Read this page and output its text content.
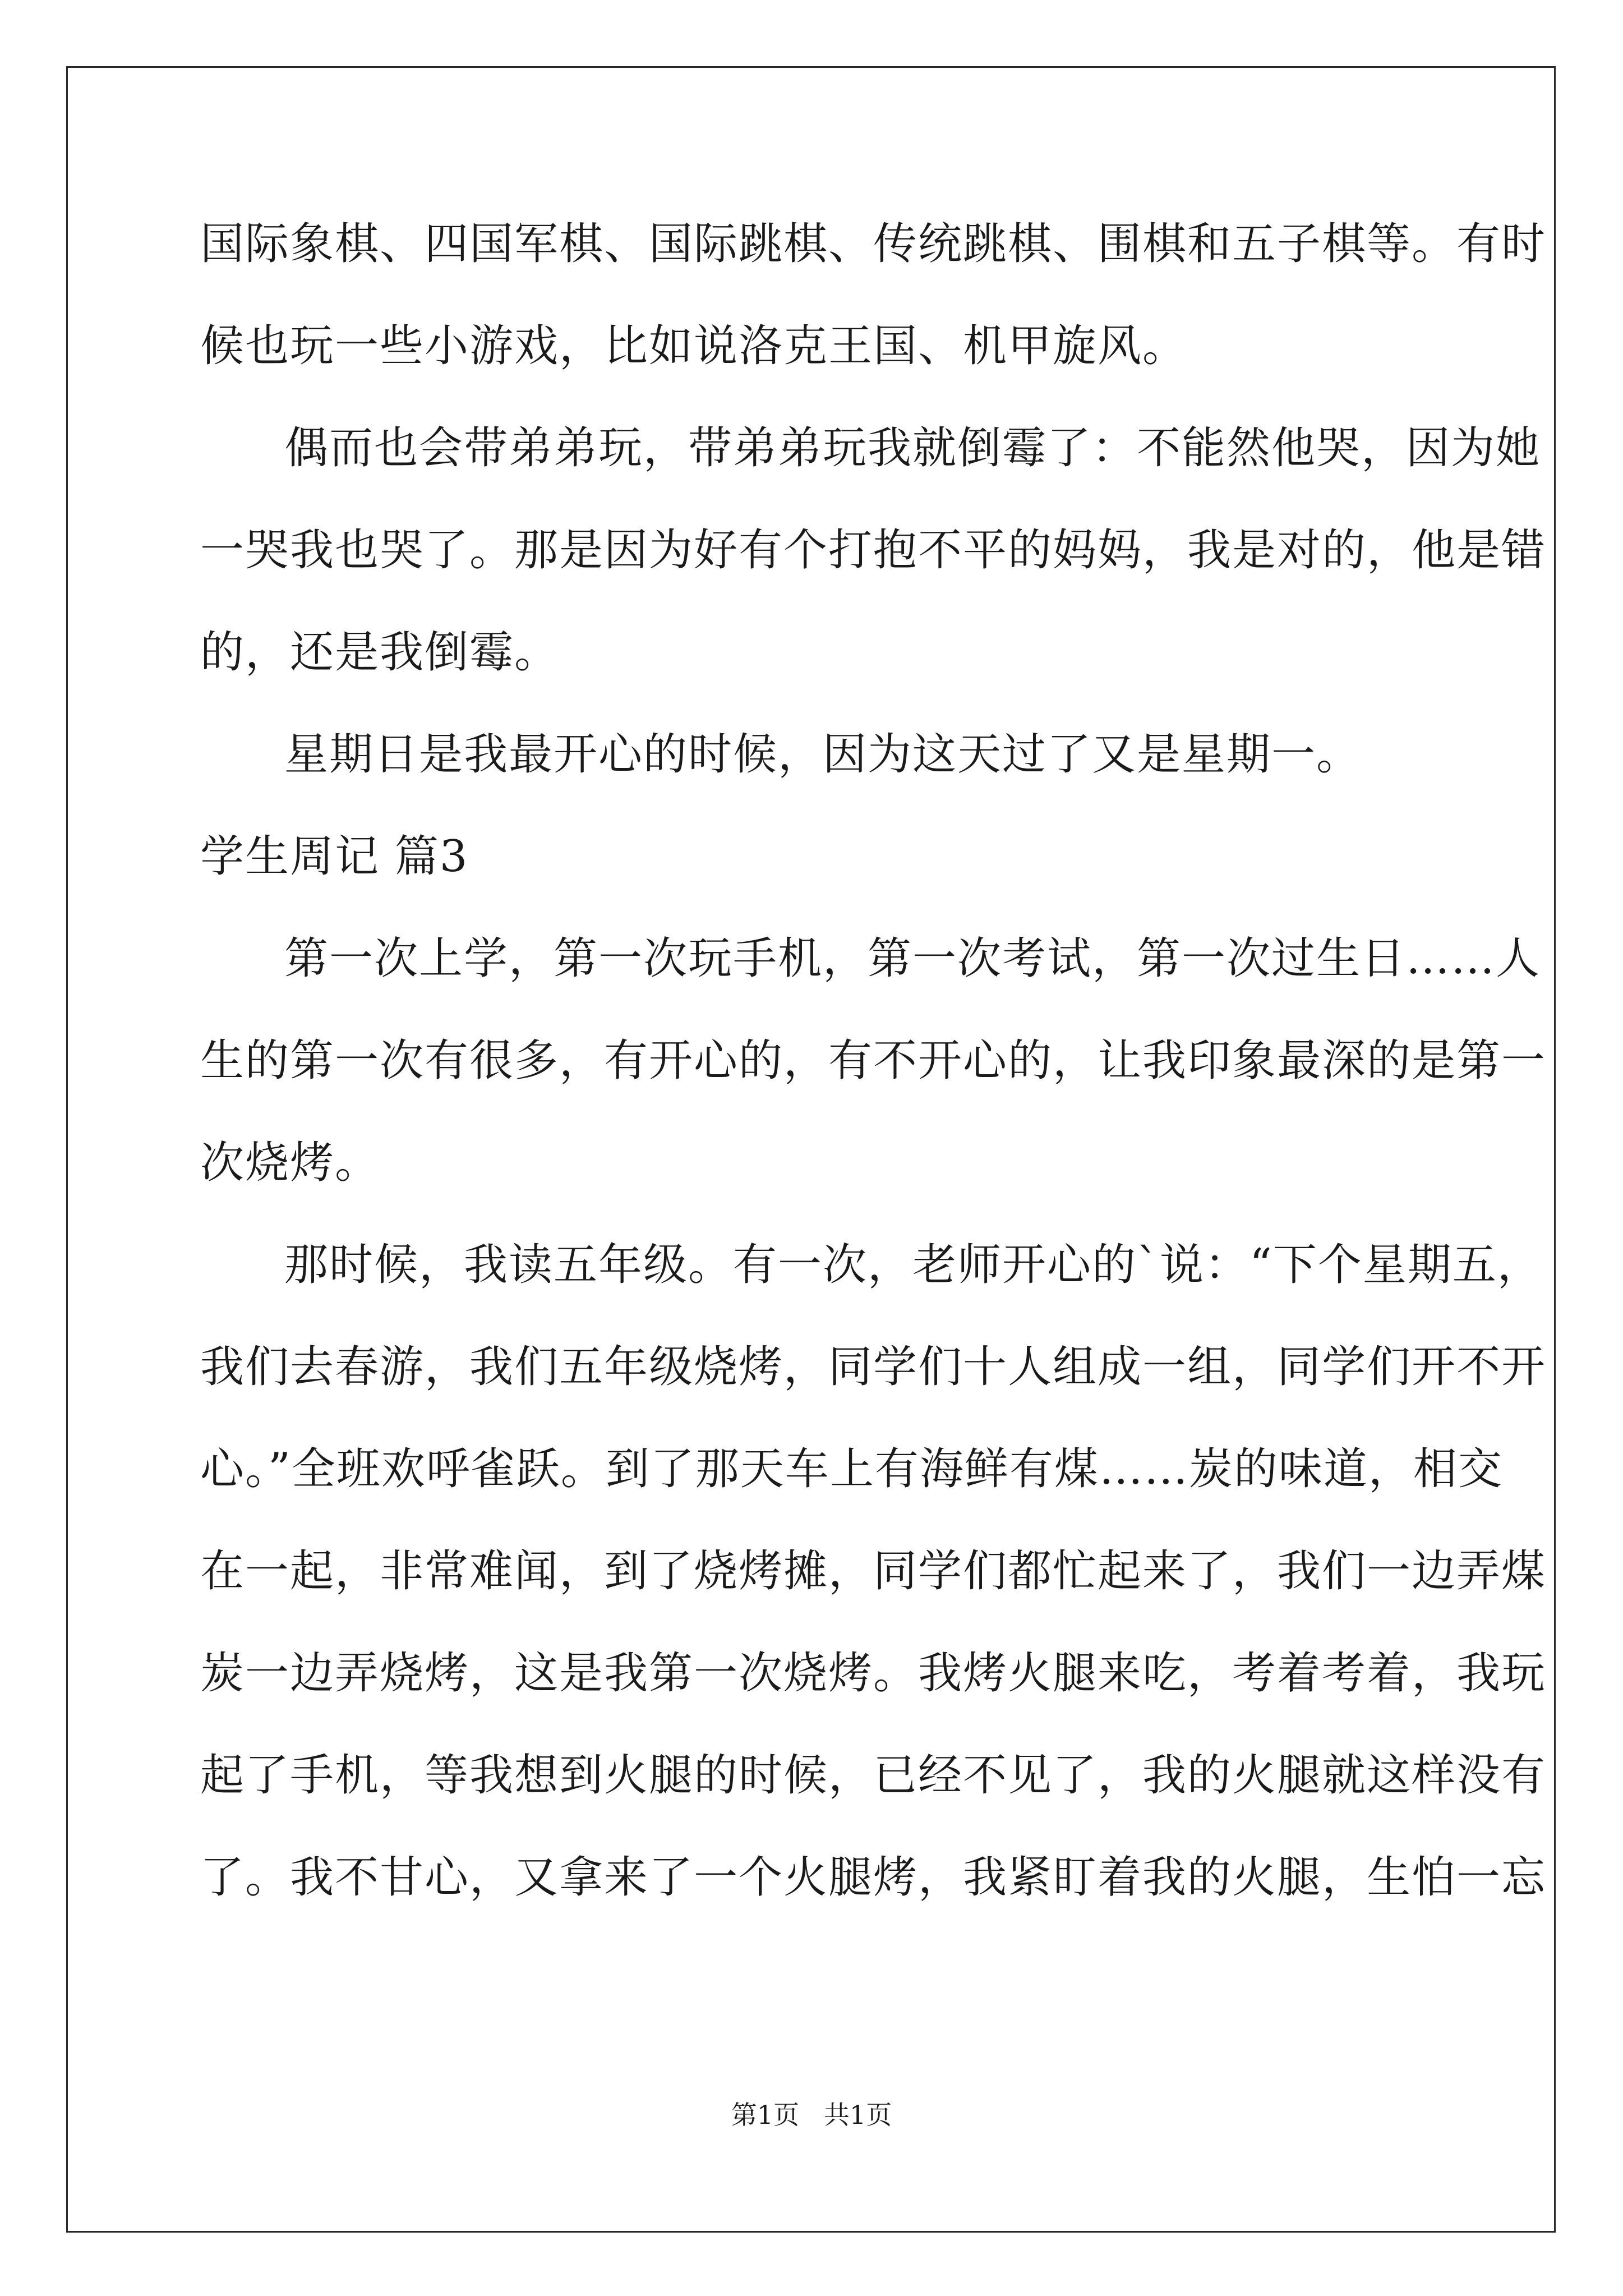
国际象棋、四国军棋、国际跳棋、传统跳棋、围棋和五子棋等。有时
候也玩一些小游戏，比如说洛克王国、机甲旋风。
偶而也会带弟弟玩，带弟弟玩我就倒霉了：不能然他哭，因为她
一哭我也哭了。那是因为好有个打抱不平的妈妈，我是对的，他是错
的，还是我倒霉。
星期日是我最开心的时候，因为这天过了又是星期一。
学生周记 篇3
第一次上学，第一次玩手机，第一次考试，第一次过生日……人
生的第一次有很多，有开心的，有不开心的，让我印象最深的是第一
次烧烤。
那时候，我读五年级。有一次，老师开心的`说：“下个星期五，
我们去春游，我们五年级烧烤，同学们十人组成一组，同学们开不开
心。”全班欢呼雀跃。到了那天车上有海鲜有煤……炭的味道，相交
在一起，非常难闻，到了烧烤摊，同学们都忙起来了，我们一边弄煤
炭一边弄烧烤，这是我第一次烧烤。我烤火腿来吃，考着考着，我玩
起了手机，等我想到火腿的时候，已经不见了，我的火腿就这样没有
了。我不甘心，又拿来了一个火腿烤，我紧盯着我的火腿，生怕一忘
第1页   共1页
